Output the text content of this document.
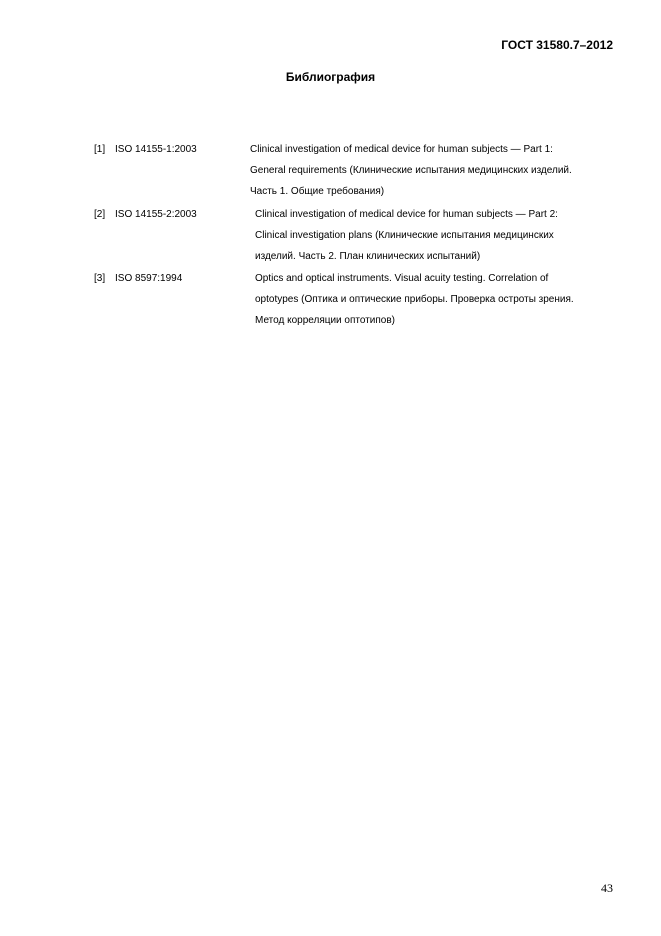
ГОСТ 31580.7–2012
Библиография
[1] ISO 14155-1:2003	Clinical investigation of medical device for human subjects — Part 1:
General requirements (Клинические испытания медицинских изделий.
Часть 1. Общие требования)
[2] ISO 14155-2:2003	Clinical investigation of medical device for human subjects — Part 2:
Clinical investigation plans (Клинические испытания медицинских
изделий. Часть 2. План клинических испытаний)
[3] ISO 8597:1994	Optics and optical instruments. Visual acuity testing. Correlation of
optotypes (Оптика и оптические приборы. Проверка остроты зрения.
Метод корреляции оптотипов)
43
